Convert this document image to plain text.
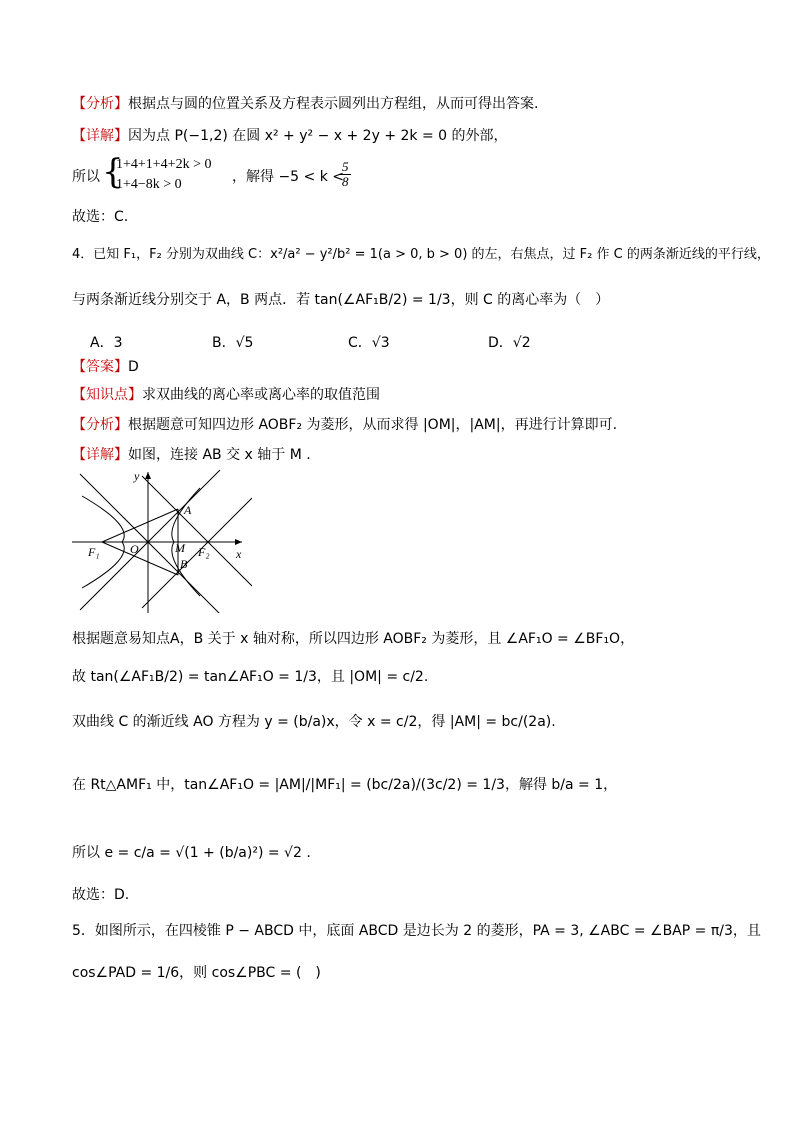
【分析】根据点与圆的位置关系及方程表示圆列出方程组，从而可得出答案.
【详解】因为点 P(−1,2) 在圆 x² + y² − x + 2y + 2k = 0 的外部，
所以 {
1+4+1+4+2k > 0
1+4−8k > 0	，解得 −5 < k <
$\frac{5}{8}$
故选：C.
4．已知 F₁，F₂ 分别为双曲线 C：x²/a² − y²/b² = 1(a > 0, b > 0) 的左，右焦点，过 F₂ 作 C 的两条渐近线的平行线，
与两条渐近线分别交于 A，B 两点．若 tan(∠AF₁B/2) = 1/3，则 C 的离心率为（　）
A．3	B．√5	C．√3	D．√2
【答案】D
【知识点】求双曲线的离心率或离心率的取值范围
【分析】根据题意可知四边形 AOBF₂ 为菱形，从而求得 |OM|，|AM|，再进行计算即可.
【详解】如图，连接 AB 交 x 轴于 M .
y
x
O
F₁	F₂
A
B
M
根据题意易知点A，B 关于 x 轴对称，所以四边形 AOBF₂ 为菱形，且 ∠AF₁O = ∠BF₁O，
故 tan(∠AF₁B/2) = tan∠AF₁O = 1/3，且 |OM| = c/2.
双曲线 C 的渐近线 AO 方程为 y = (b/a)x，令 x = c/2，得 |AM| = bc/(2a).
在 Rt△AMF₁ 中，tan∠AF₁O = |AM|/|MF₁| = (bc/2a)/(3c/2) = 1/3，解得 b/a = 1，
所以 e = c/a = √(1 + (b/a)²) = √2 .
故选：D.
5．如图所示，在四棱锥 P − ABCD 中，底面 ABCD 是边长为 2 的菱形，PA = 3, ∠ABC = ∠BAP = π/3，且
cos∠PAD = 1/6，则 cos∠PBC = (　)
